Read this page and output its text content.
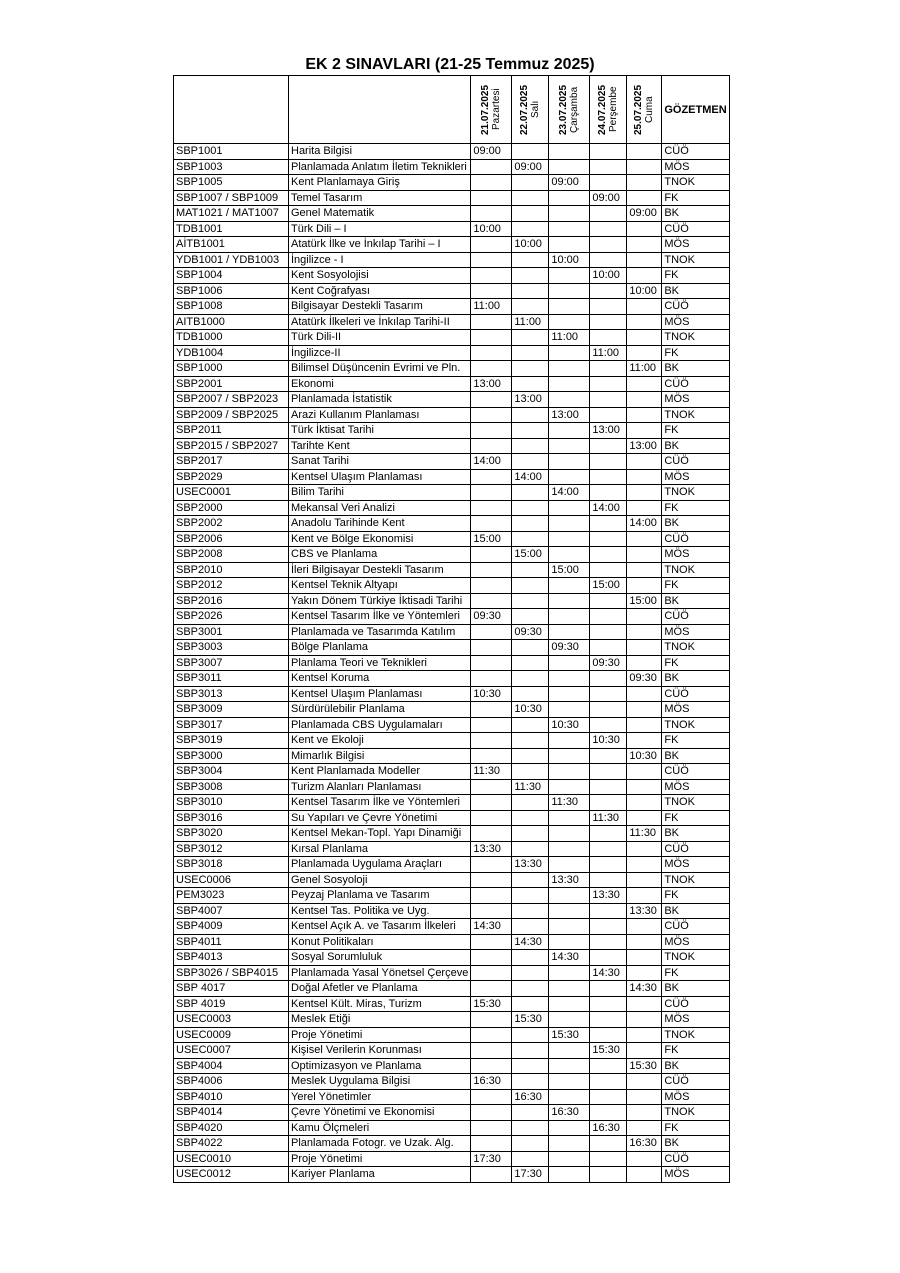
EK 2 SINAVLARI (21-25 Temmuz 2025)

		21.07.2025 Pazartesi	22.07.2025 Salı	23.07.2025 Çarşamba	24.07.2025 Perşembe	25.07.2025 Cuma	GÖZETMEN
SBP1001	Harita Bilgisi	09:00					CÜÖ
SBP1003	Planlamada Anlatım İletim Teknikleri		09:00				MÖS
SBP1005	Kent Planlamaya Giriş			09:00			TNOK
SBP1007 / SBP1009	Temel Tasarım				09:00		FK
MAT1021 / MAT1007	Genel Matematik					09:00	BK
TDB1001	Türk Dili – I	10:00					CÜÖ
AİTB1001	Atatürk İlke ve İnkılap Tarihi – I		10:00				MÖS
YDB1001 / YDB1003	İngilizce - I			10:00			TNOK
SBP1004	Kent Sosyolojisi				10:00		FK
SBP1006	Kent Coğrafyası					10:00	BK
SBP1008	Bilgisayar Destekli Tasarım	11:00					CÜÖ
AITB1000	Atatürk İlkeleri ve İnkılap Tarihi-II		11:00				MÖS
TDB1000	Türk Dili-II			11:00			TNOK
YDB1004	İngilizce-II				11:00		FK
SBP1000	Bilimsel Düşüncenin Evrimi ve Pln.					11:00	BK
SBP2001	Ekonomi	13:00					CÜÖ
SBP2007 / SBP2023	Planlamada İstatistik		13:00				MÖS
SBP2009 / SBP2025	Arazi Kullanım Planlaması			13:00			TNOK
SBP2011	Türk İktisat Tarihi				13:00		FK
SBP2015 / SBP2027	Tarihte Kent					13:00	BK
SBP2017	Sanat Tarihi	14:00					CÜÖ
SBP2029	Kentsel Ulaşım Planlaması		14:00				MÖS
USEC0001	Bilim Tarihi			14:00			TNOK
SBP2000	Mekansal Veri Analizi				14:00		FK
SBP2002	Anadolu Tarihinde Kent					14:00	BK
SBP2006	Kent ve Bölge Ekonomisi	15:00					CÜÖ
SBP2008	CBS ve Planlama		15:00				MÖS
SBP2010	İleri Bilgisayar Destekli Tasarım			15:00			TNOK
SBP2012	Kentsel Teknik Altyapı				15:00		FK
SBP2016	Yakın Dönem Türkiye İktisadi Tarihi					15:00	BK
SBP2026	Kentsel Tasarım İlke ve Yöntemleri	09:30					CÜÖ
SBP3001	Planlamada ve Tasarımda Katılım		09:30				MÖS
SBP3003	Bölge Planlama			09:30			TNOK
SBP3007	Planlama Teori ve Teknikleri				09:30		FK
SBP3011	Kentsel Koruma					09:30	BK
SBP3013	Kentsel Ulaşım Planlaması	10:30					CÜÖ
SBP3009	Sürdürülebilir Planlama		10:30				MÖS
SBP3017	Planlamada CBS Uygulamaları			10:30			TNOK
SBP3019	Kent ve Ekoloji				10:30		FK
SBP3000	Mimarlık Bilgisi					10:30	BK
SBP3004	Kent Planlamada Modeller	11:30					CÜÖ
SBP3008	Turizm Alanları Planlaması		11:30				MÖS
SBP3010	Kentsel Tasarım İlke ve Yöntemleri			11:30			TNOK
SBP3016	Su Yapıları ve Çevre Yönetimi				11:30		FK
SBP3020	Kentsel Mekan-Topl. Yapı Dinamiği					11:30	BK
SBP3012	Kırsal Planlama	13:30					CÜÖ
SBP3018	Planlamada Uygulama Araçları		13:30				MÖS
USEC0006	Genel Sosyoloji			13:30			TNOK
PEM3023	Peyzaj Planlama ve Tasarım				13:30		FK
SBP4007	Kentsel Tas. Politika ve Uyg.					13:30	BK
SBP4009	Kentsel Açık A. ve Tasarım İlkeleri	14:30					CÜÖ
SBP4011	Konut Politikaları		14:30				MÖS
SBP4013	Sosyal Sorumluluk			14:30			TNOK
SBP3026 / SBP4015	Planlamada Yasal Yönetsel Çerçeve				14:30		FK
SBP 4017	Doğal Afetler ve Planlama					14:30	BK
SBP 4019	Kentsel Kült. Miras, Turizm	15:30					CÜÖ
USEC0003	Meslek Etiği		15:30				MÖS
USEC0009	Proje Yönetimi			15:30			TNOK
USEC0007	Kişisel Verilerin Korunması				15:30		FK
SBP4004	Optimizasyon ve Planlama					15:30	BK
SBP4006	Meslek Uygulama Bilgisi	16:30					CÜÖ
SBP4010	Yerel Yönetimler		16:30				MÖS
SBP4014	Çevre Yönetimi ve Ekonomisi			16:30			TNOK
SBP4020	Kamu Ölçmeleri				16:30		FK
SBP4022	Planlamada Fotogr. ve Uzak. Alg.					16:30	BK
USEC0010	Proje Yönetimi	17:30					CÜÖ
USEC0012	Kariyer Planlama		17:30				MÖS
